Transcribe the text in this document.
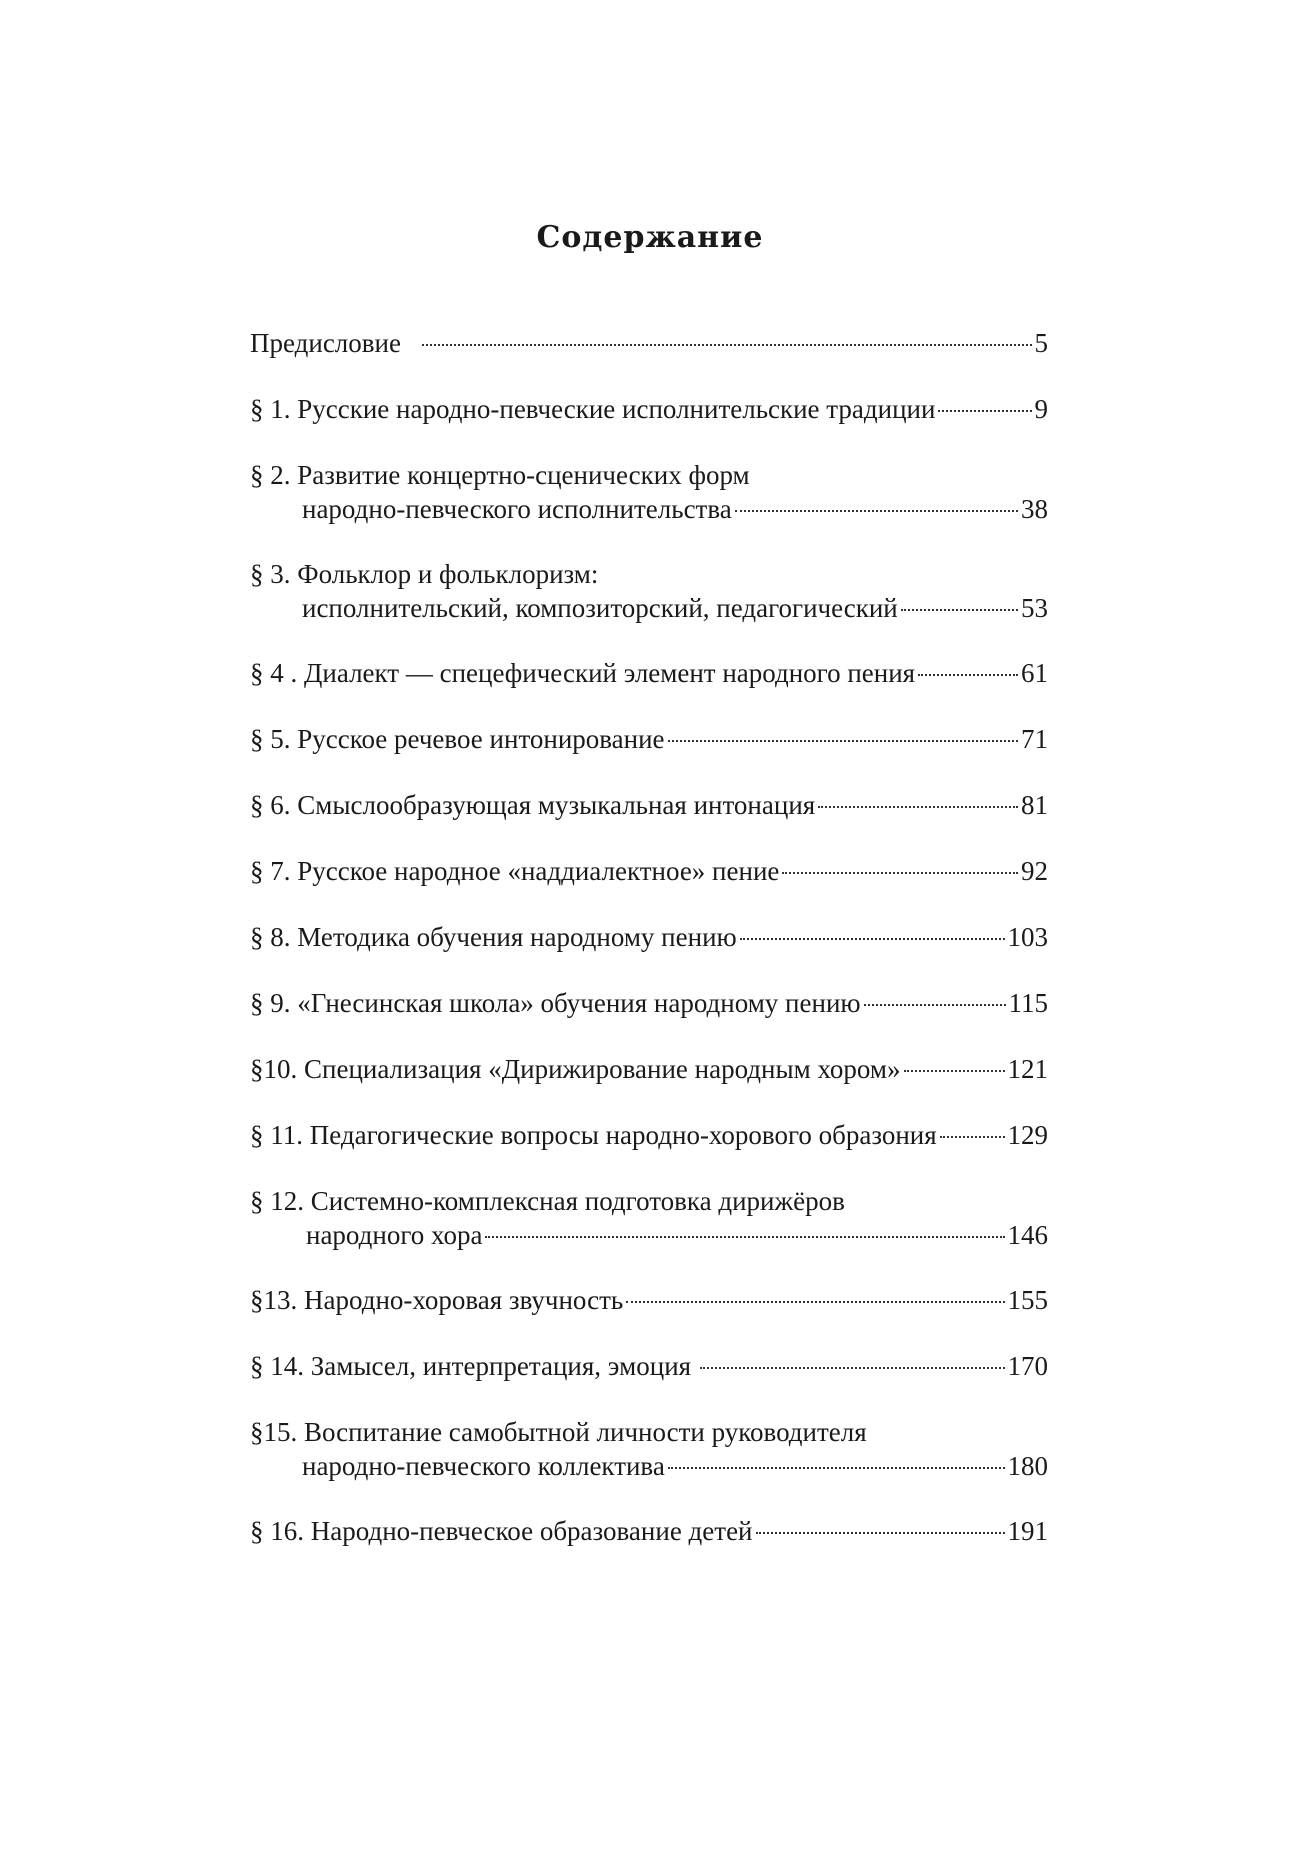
Содержание
Предисловие	5
§ 1. Русские народно-певческие исполнительские традиции	9
§ 2. Развитие концертно-сценических форм
народно-певческого исполнительства	38
§ 3. Фольклор и фольклоризм:
исполнительский, композиторский, педагогический	53
§ 4 . Диалект — спецефический элемент народного пения	61
§ 5. Русское речевое интонирование	71
§ 6. Смыслообразующая музыкальная интонация	81
§ 7. Русское народное «наддиалектное» пение	92
§ 8. Методика обучения народному пению	103
§ 9. «Гнесинская школа» обучения народному пению	115
§10. Специализация «Дирижирование народным хором»	121
§ 11. Педагогические вопросы народно-хорового образония	129
§ 12. Системно-комплексная подготовка дирижёров
народного хора	146
§13. Народно-хоровая звучность	155
§ 14. Замысел, интерпретация, эмоция	170
§15. Воспитание самобытной личности руководителя
народно-певческого коллектива	180
§ 16. Народно-певческое образование детей	191
